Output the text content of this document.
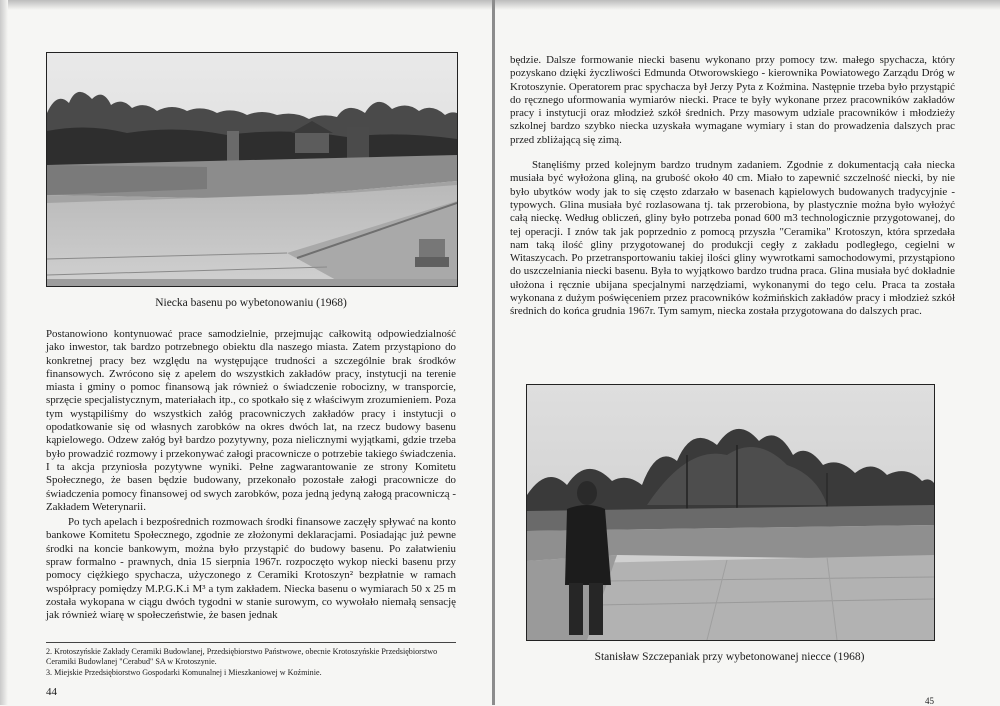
Niecka basenu po wybetonowaniu (1968)

Postanowiono kontynuować prace samodzielnie, przejmując całkowitą odpowiedzialność jako inwestor, tak bardzo potrzebnego obiektu dla naszego miasta. Zatem przystąpiono do konkretnej pracy bez względu na występujące trudności a szczególnie brak środków finansowych. Zwrócono się z apelem do wszystkich zakładów pracy, instytucji na terenie miasta i gminy o pomoc finansową jak również o świadczenie robocizny, w transporcie, sprzęcie specjalistycznym, materiałach itp., co spotkało się z właściwym zrozumieniem. Poza tym wystąpiliśmy do wszystkich załóg pracowniczych zakładów pracy i instytucji o opodatkowanie się od własnych zarobków na okres dwóch lat, na rzecz budowy basenu kąpielowego. Odzew załóg był bardzo pozytywny, poza nielicznymi wyjątkami, gdzie trzeba było prowadzić rozmowy i przekonywać załogi pracownicze o potrzebie takiego świadczenia. I ta akcja przyniosła pozytywne wyniki. Pełne zagwarantowanie ze strony Komitetu Społecznego, że basen będzie budowany, przekonało pozostałe załogi pracownicze do świadczenia pomocy finansowej od swych zarobków, poza jedną jedyną załogą pracowniczą - Zakładem Weterynarii.

Po tych apelach i bezpośrednich rozmowach środki finansowe zaczęły spływać na konto bankowe Komitetu Społecznego, zgodnie ze złożonymi deklaracjami. Posiadając już pewne środki na koncie bankowym, można było przystąpić do budowy basenu. Po załatwieniu spraw formalno - prawnych, dnia 15 sierpnia 1967r. rozpoczęto wykop niecki basenu przy pomocy ciężkiego spychacza, użyczonego z Ceramiki Krotoszyn² bezpłatnie w ramach współpracy pomiędzy M.P.G.K.i M³ a tym zakładem. Niecka basenu o wymiarach 50 x 25 m została wykopana w ciągu dwóch tygodni w stanie surowym, co wywołało niemałą sensację jak również wiarę w społeczeństwie, że basen jednak

2. Krotoszyńskie Zakłady Ceramiki Budowlanej, Przedsiębiorstwo Państwowe, obecnie Krotoszyńskie Przedsiębiorstwo Ceramiki Budowlanej "Cerabud" SA w Krotoszynie.
3. Miejskie Przedsiębiorstwo Gospodarki Komunalnej i Mieszkaniowej w Koźminie.
44

będzie. Dalsze formowanie niecki basenu wykonano przy pomocy tzw. małego spychacza, który pozyskano dzięki życzliwości Edmunda Otworowskiego - kierownika Powiatowego Zarządu Dróg w Krotoszynie. Operatorem prac spychacza był Jerzy Pyta z Koźmina. Następnie trzeba było przystąpić do ręcznego uformowania wymiarów niecki. Prace te były wykonane przez pracowników zakładów pracy i instytucji oraz młodzież szkół średnich. Przy masowym udziale pracowników i młodzieży szkolnej bardzo szybko niecka uzyskała wymagane wymiary i stan do prowadzenia dalszych prac przed zbliżającą się zimą.

Stanęliśmy przed kolejnym bardzo trudnym zadaniem. Zgodnie z dokumentacją cała niecka musiała być wyłożona gliną, na grubość około 40 cm. Miało to zapewnić szczelność niecki, by nie było ubytków wody jak to się często zdarzało w basenach kąpielowych budowanych tradycyjnie - typowych. Glina musiała być rozlasowana tj. tak przerobiona, by plastycznie można było wyłożyć całą nieckę. Według obliczeń, gliny było potrzeba ponad 600 m3 technologicznie przygotowanej, do tej operacji. I znów tak jak poprzednio z pomocą przyszła "Ceramika" Krotoszyn, która sprzedała nam taką ilość gliny przygotowanej do produkcji cegły z zakładu podległego, cegielni w Witaszycach. Po przetransportowaniu takiej ilości gliny wywrotkami samochodowymi, przystąpiono do uszczelniania niecki basenu. Była to wyjątkowo bardzo trudna praca. Glina musiała być dokładnie ułożona i ręcznie ubijana specjalnymi narzędziami, wykonanymi do tego celu. Praca ta została wykonana z dużym poświęceniem przez pracowników koźmińskich zakładów pracy i młodzież szkół średnich do końca grudnia 1967r. Tym samym, niecka została przygotowana do dalszych prac.

Stanisław Szczepaniak przy wybetonowanej niecce (1968)
45
